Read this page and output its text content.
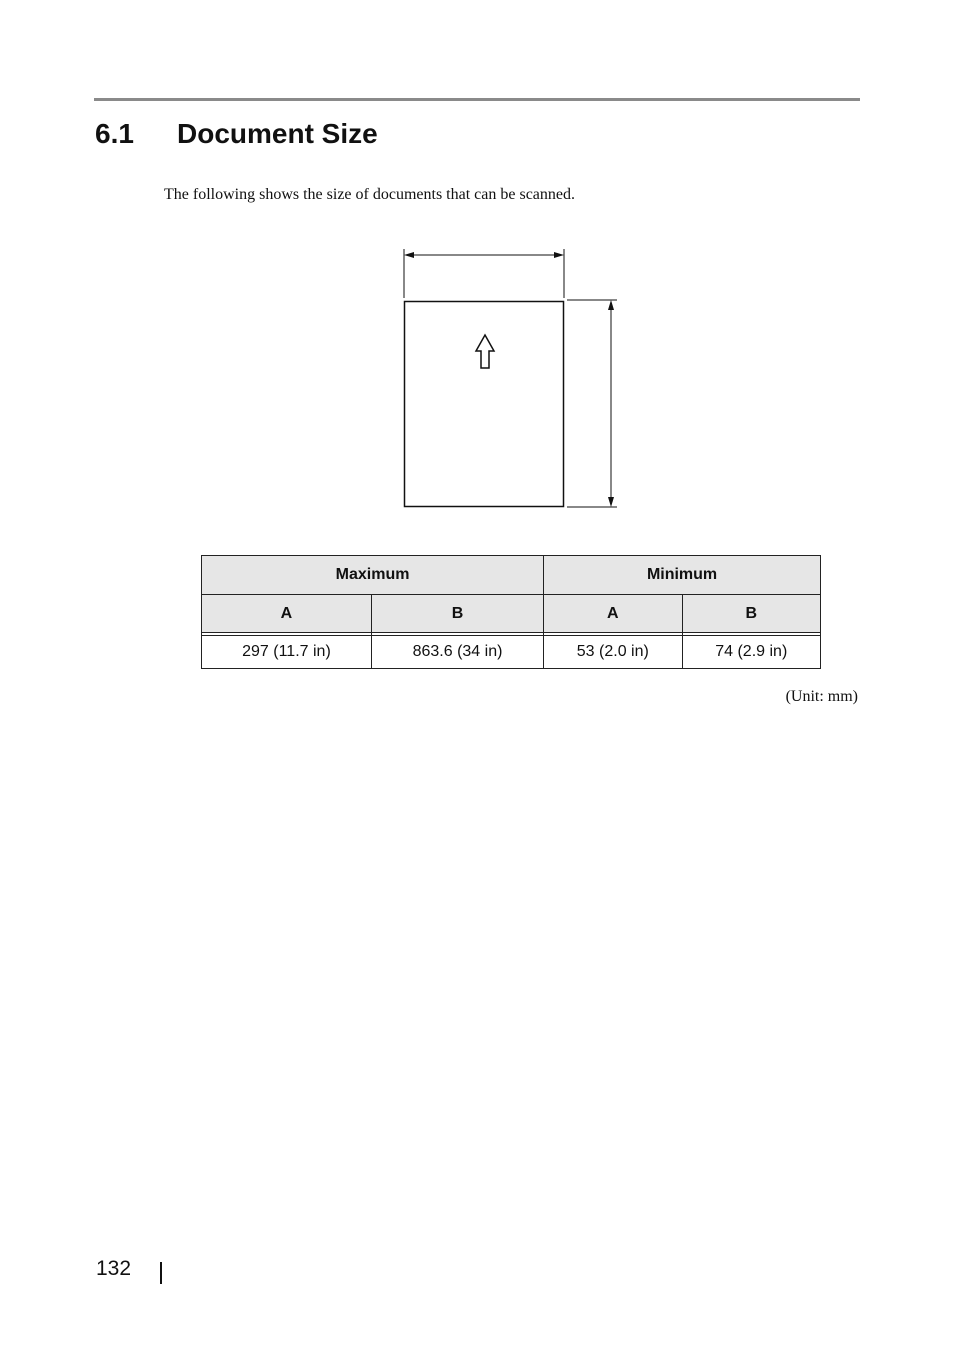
6.1 Document Size
The following shows the size of documents that can be scanned.
Maximum		Minimum	
A	B	A	B

297 (11.7 in)	863.6 (34 in)	53 (2.0 in)	74 (2.9 in)
(Unit: mm)
132
